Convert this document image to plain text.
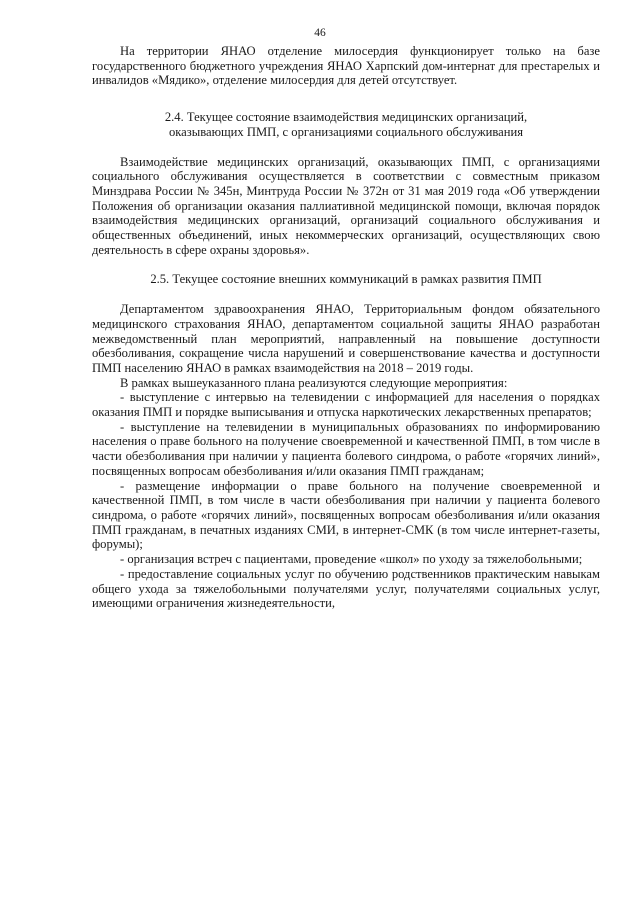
46

На территории ЯНАО отделение милосердия функционирует только на базе государственного бюджетного учреждения ЯНАО Харпский дом-интернат для престарелых и инвалидов «Мядико», отделение милосердия для детей отсутствует.

2.4. Текущее состояние взаимодействия медицинских организаций,
оказывающих ПМП, с организациями социального обслуживания

Взаимодействие медицинских организаций, оказывающих ПМП, с организациями социального обслуживания осуществляется в соответствии с совместным приказом Минздрава России № 345н, Минтруда России № 372н от 31 мая 2019 года «Об утверждении Положения об организации оказания паллиативной медицинской помощи, включая порядок взаимодействия медицинских организаций, организаций социального обслуживания и общественных объединений, иных некоммерческих организаций, осуществляющих свою деятельность в сфере охраны здоровья».

2.5. Текущее состояние внешних коммуникаций в рамках развития ПМП

Департаментом здравоохранения ЯНАО, Территориальным фондом обязательного медицинского страхования ЯНАО, департаментом социальной защиты ЯНАО разработан межведомственный план мероприятий, направленный на повышение доступности обезболивания, сокращение числа нарушений и совершенствование качества и доступности ПМП населению ЯНАО в рамках взаимодействия на 2018 – 2019 годы.

В рамках вышеуказанного плана реализуются следующие мероприятия:

- выступление с интервью на телевидении с информацией для населения о порядках оказания ПМП и порядке выписывания и отпуска наркотических лекарственных препаратов;

- выступление на телевидении в муниципальных образованиях по информированию населения о праве больного на получение своевременной и качественной ПМП, в том числе в части обезболивания при наличии у пациента болевого синдрома, о работе «горячих линий», посвященных вопросам обезболивания и/или оказания ПМП гражданам;

- размещение информации о праве больного на получение своевременной и качественной ПМП, в том числе в части обезболивания при наличии у пациента болевого синдрома, о работе «горячих линий», посвященных вопросам обезболивания и/или оказания ПМП гражданам, в печатных изданиях СМИ, в интернет-СМК (в том числе интернет-газеты, форумы);

- организация встреч с пациентами, проведение «школ» по уходу за тяжелобольными;

- предоставление социальных услуг по обучению родственников практическим навыкам общего ухода за тяжелобольными получателями услуг, получателями социальных услуг, имеющими ограничения жизнедеятельности,
